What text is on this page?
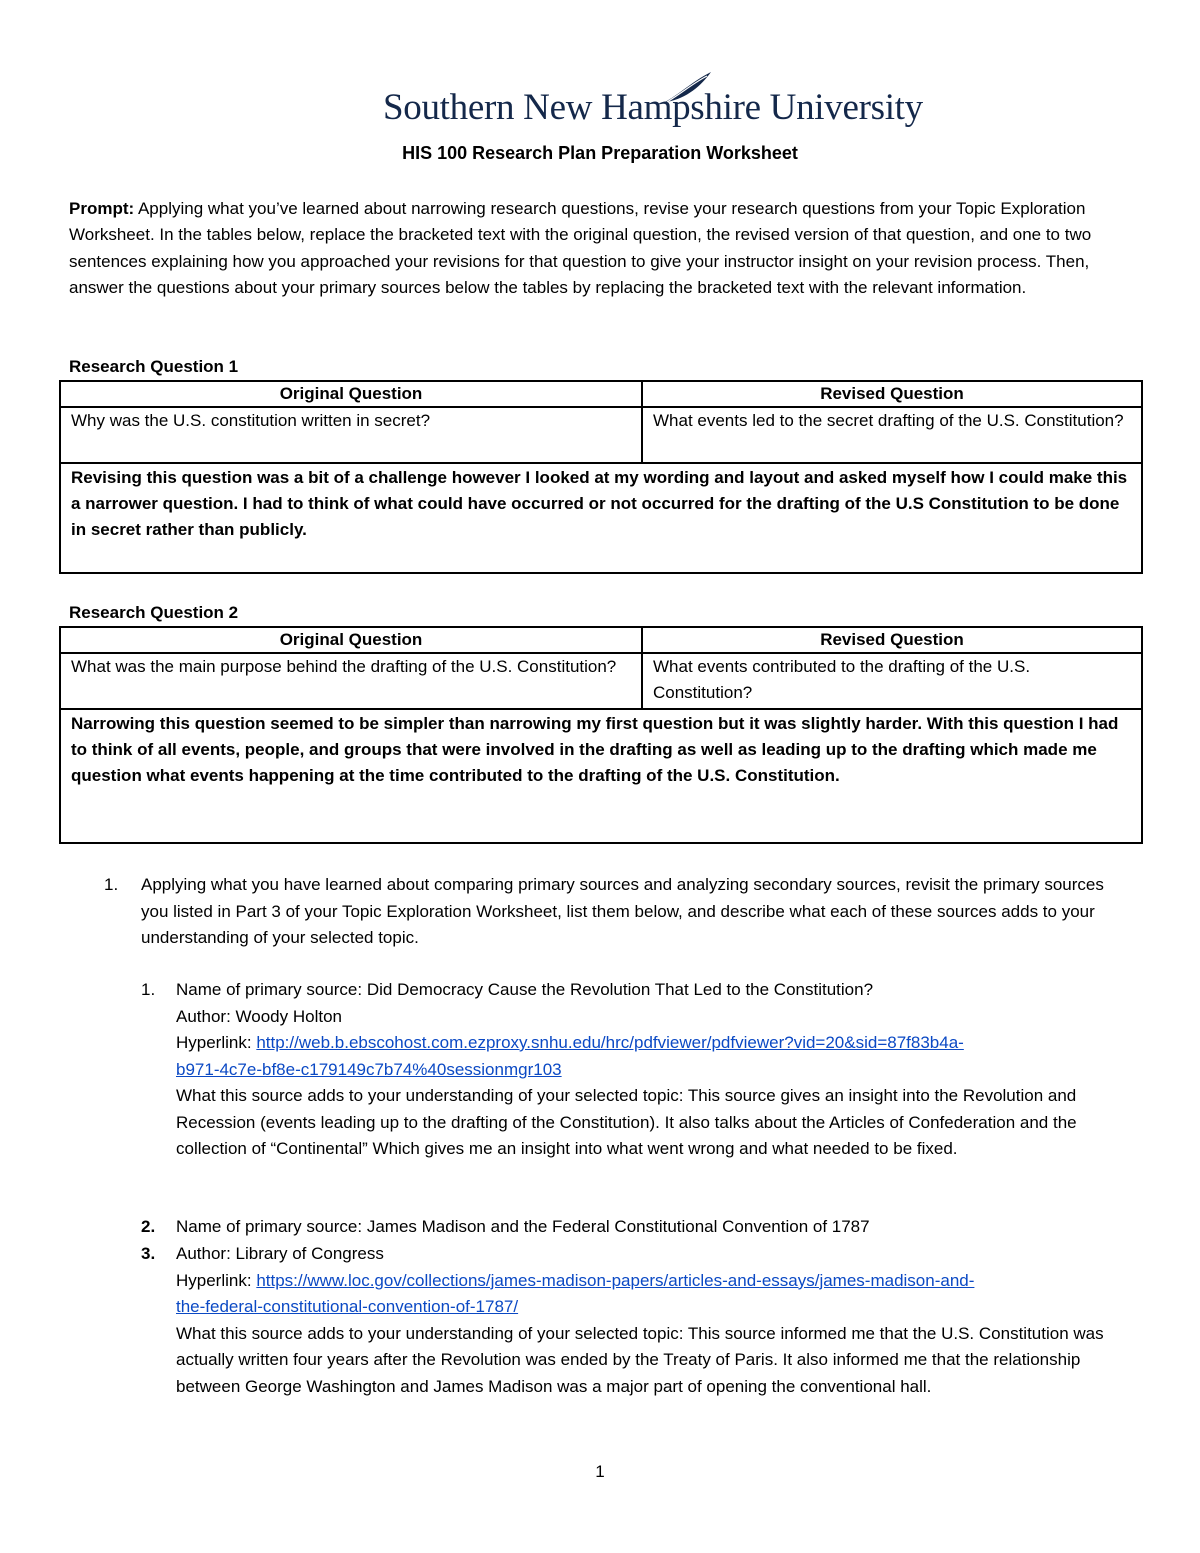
Southern New Hampshire University
HIS 100 Research Plan Preparation Worksheet
Prompt: Applying what you’ve learned about narrowing research questions, revise your research questions from your Topic Exploration Worksheet. In the tables below, replace the bracketed text with the original question, the revised version of that question, and one to two sentences explaining how you approached your revisions for that question to give your instructor insight on your revision process. Then, answer the questions about your primary sources below the tables by replacing the bracketed text with the relevant information.
Research Question 1
Original Question	Revised Question
Why was the U.S. constitution written in secret?	What events led to the secret drafting of the U.S. Constitution?
Revising this question was a bit of a challenge however I looked at my wording and layout and asked myself how I could make this a narrower question. I had to think of what could have occurred or not occurred for the drafting of the U.S Constitution to be done in secret rather than publicly.	
Research Question 2
Original Question	Revised Question
What was the main purpose behind the drafting of the U.S. Constitution?	What events contributed to the drafting of the U.S. Constitution?
Narrowing this question seemed to be simpler than narrowing my first question but it was slightly harder. With this question I had to think of all events, people, and groups that were involved in the drafting as well as leading up to the drafting which made me question what events happening at the time contributed to the drafting of the U.S. Constitution.	
1.	Applying what you have learned about comparing primary sources and analyzing secondary sources, revisit the primary sources you listed in Part 3 of your Topic Exploration Worksheet, list them below, and describe what each of these sources adds to your understanding of your selected topic.
1.	Name of primary source: Did Democracy Cause the Revolution That Led to the Constitution?
Author: Woody Holton
Hyperlink: http://web.b.ebscohost.com.ezproxy.snhu.edu/hrc/pdfviewer/pdfviewer?vid=20&sid=87f83b4a-
b971-4c7e-bf8e-c179149c7b74%40sessionmgr103
What this source adds to your understanding of your selected topic: This source gives an insight into the Revolution and Recession (events leading up to the drafting of the Constitution). It also talks about the Articles of Confederation and the collection of “Continental” Which gives me an insight into what went wrong and what needed to be fixed.
2.	Name of primary source: James Madison and the Federal Constitutional Convention of 1787
3.	Author: Library of Congress
Hyperlink: https://www.loc.gov/collections/james-madison-papers/articles-and-essays/james-madison-and-
the-federal-constitutional-convention-of-1787/
What this source adds to your understanding of your selected topic: This source informed me that the U.S. Constitution was actually written four years after the Revolution was ended by the Treaty of Paris. It also informed me that the relationship between George Washington and James Madison was a major part of opening the conventional hall.
1
